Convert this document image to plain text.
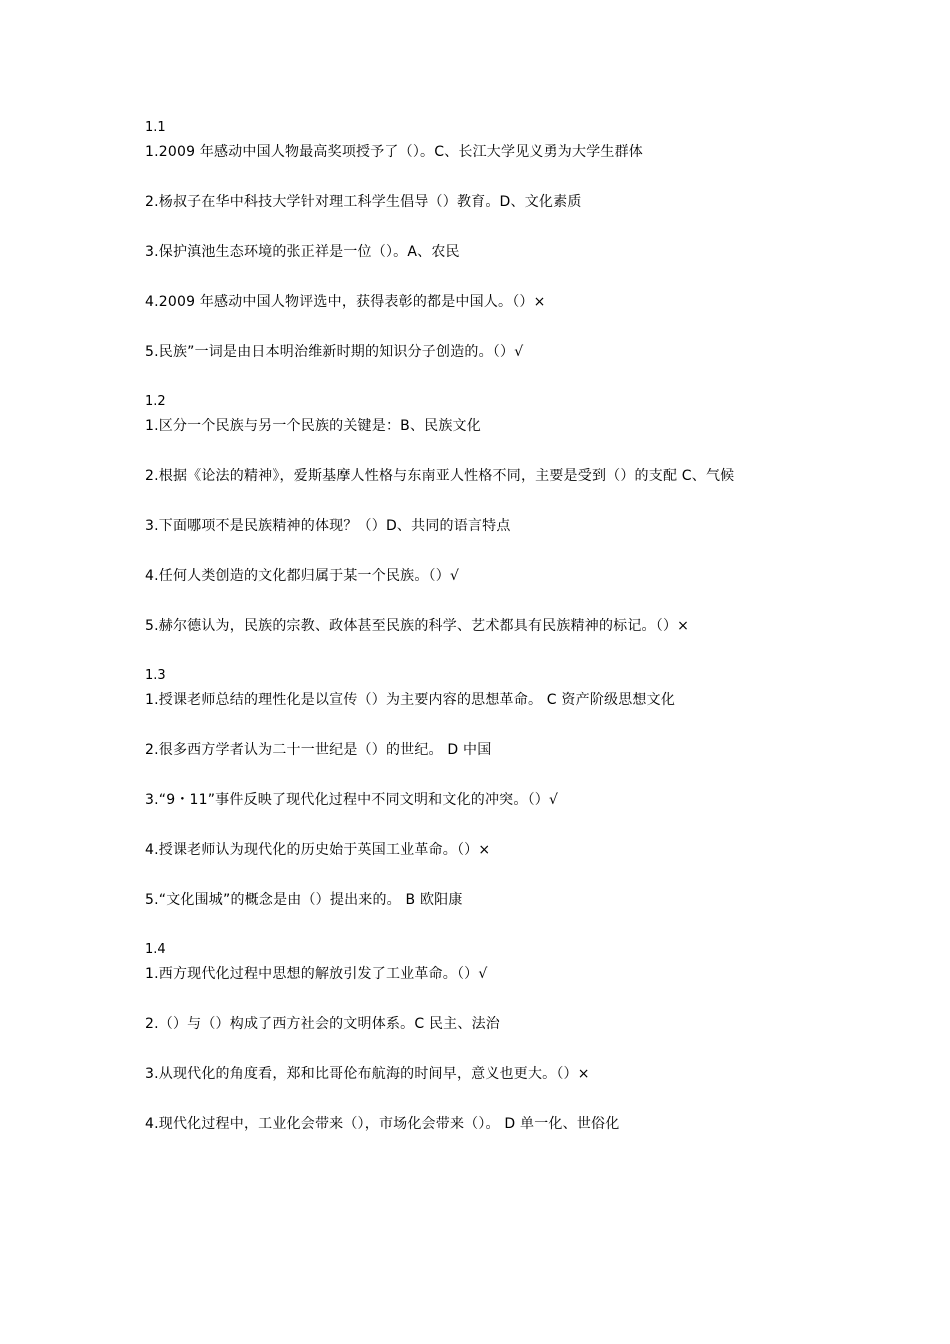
1.1

1.2009 年感动中国人物最高奖项授予了（）。C、长江大学见义勇为大学生群体

2.杨叔子在华中科技大学针对理工科学生倡导（）教育。D、文化素质

3.保护滇池生态环境的张正祥是一位（）。A、农民

4.2009 年感动中国人物评选中，获得表彰的都是中国人。（）×

5.民族”一词是由日本明治维新时期的知识分子创造的。（）√

1.2

1.区分一个民族与另一个民族的关键是：B、民族文化

2.根据《论法的精神》，爱斯基摩人性格与东南亚人性格不同，主要是受到（）的支配 C、气候

3.下面哪项不是民族精神的体现？（）D、共同的语言特点

4.任何人类创造的文化都归属于某一个民族。（）√

5.赫尔德认为，民族的宗教、政体甚至民族的科学、艺术都具有民族精神的标记。（）×

1.3

1.授课老师总结的理性化是以宣传（）为主要内容的思想革命。 C 资产阶级思想文化

2.很多西方学者认为二十一世纪是（）的世纪。 D 中国

3.“9・11”事件反映了现代化过程中不同文明和文化的冲突。（）√

4.授课老师认为现代化的历史始于英国工业革命。（）×

5.“文化围城”的概念是由（）提出来的。 B 欧阳康

1.4

1.西方现代化过程中思想的解放引发了工业革命。（）√

2.（）与（）构成了西方社会的文明体系。C 民主、法治

3.从现代化的角度看，郑和比哥伦布航海的时间早，意义也更大。（）×

4.现代化过程中，工业化会带来（），市场化会带来（）。 D 单一化、世俗化
